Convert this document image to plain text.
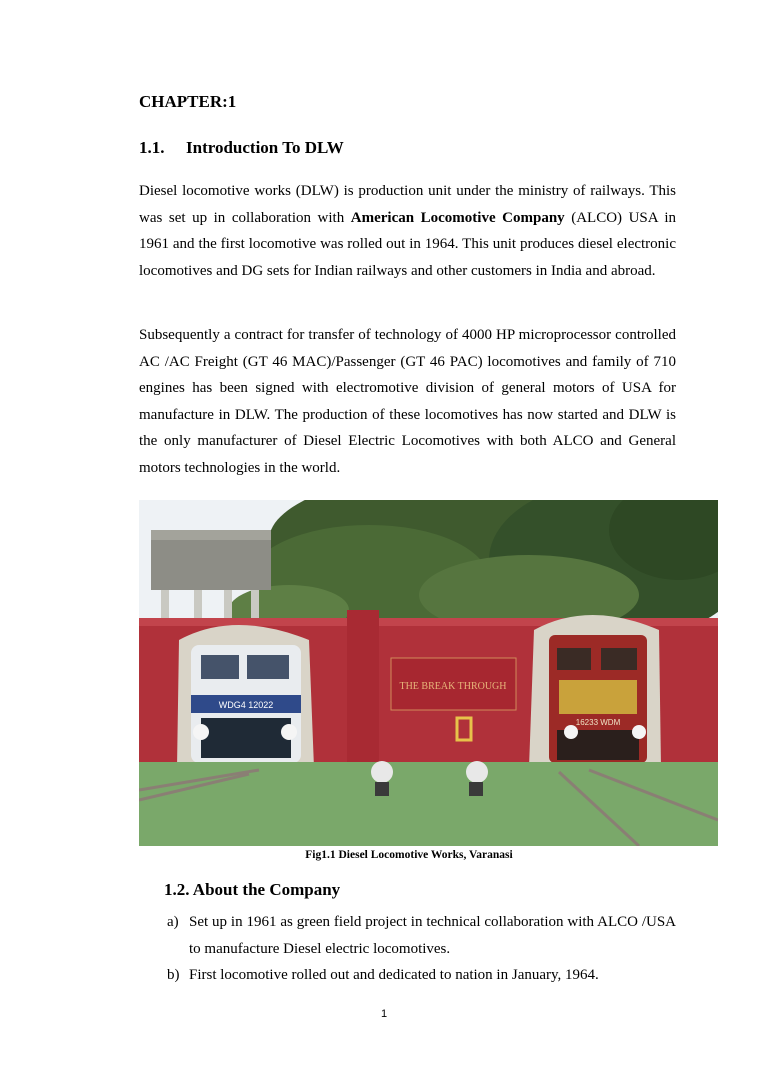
CHAPTER:1
1.1. Introduction To DLW
Diesel locomotive works (DLW) is production unit under the ministry of railways. This was set up in collaboration with American Locomotive Company (ALCO) USA in 1961 and the first locomotive was rolled out in 1964. This unit produces diesel electronic locomotives and DG sets for Indian railways and other customers in India and abroad.
Subsequently a contract for transfer of technology of 4000 HP microprocessor controlled AC /AC Freight (GT 46 MAC)/Passenger (GT 46 PAC) locomotives and family of 710 engines has been signed with electromotive division of general motors of USA for manufacture in DLW. The production of these locomotives has now started and DLW is the only manufacturer of Diesel Electric Locomotives with both ALCO and General motors technologies in the world.
WDG4 12022
THE BREAK THROUGH
16233 WDM
Fig1.1 Diesel Locomotive Works, Varanasi
1.2. About the Company
a) Set up in 1961 as green field project in technical collaboration with ALCO /USA to manufacture Diesel electric locomotives.
b) First locomotive rolled out and dedicated to nation in January, 1964.
1
